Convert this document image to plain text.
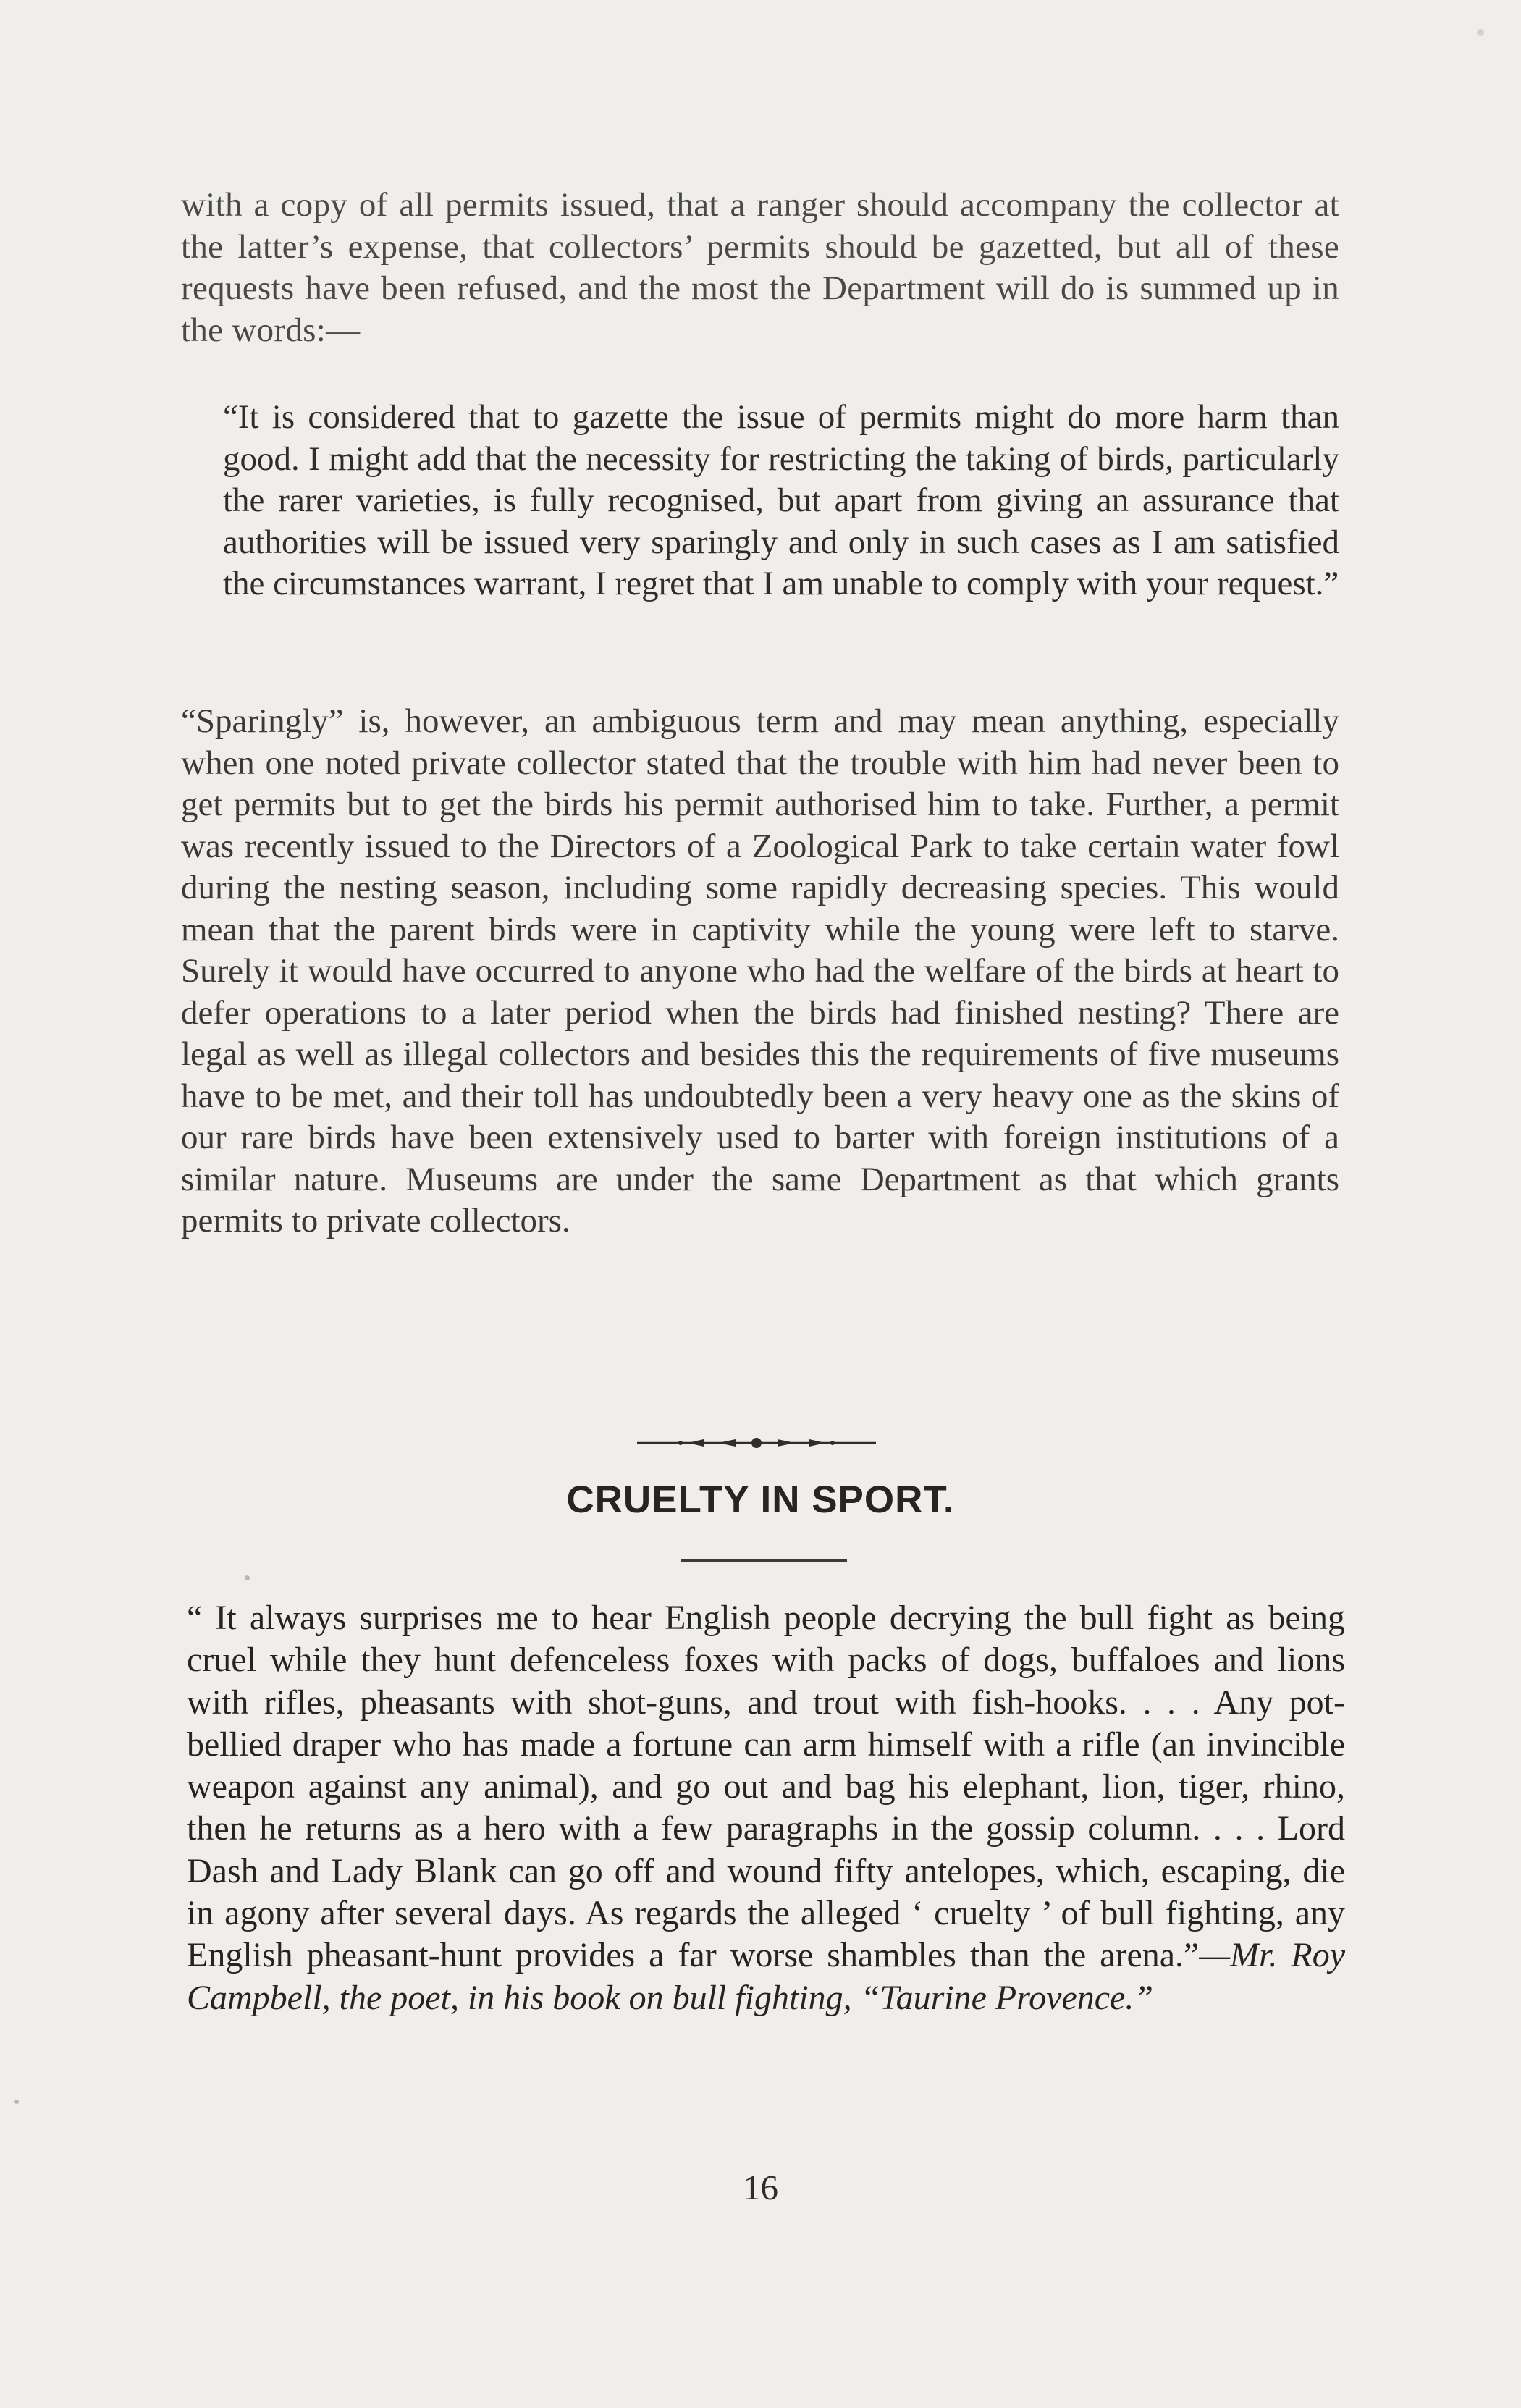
with a copy of all permits issued, that a ranger should accompany the collector at the latter’s expense, that collectors’ permits should be gazetted, but all of these requests have been refused, and the most the Department will do is summed up in the words:—

“It is considered that to gazette the issue of permits might do more harm than good. I might add that the necessity for restricting the taking of birds, particularly the rarer varieties, is fully recognised, but apart from giving an assurance that authorities will be issued very sparingly and only in such cases as I am satisfied the circumstances warrant, I regret that I am unable to comply with your request.”

“Sparingly” is, however, an ambiguous term and may mean anything, especially when one noted private collector stated that the trouble with him had never been to get permits but to get the birds his permit authorised him to take. Further, a permit was recently issued to the Directors of a Zoological Park to take certain water fowl during the nesting season, including some rapidly decreasing species. This would mean that the parent birds were in captivity while the young were left to starve. Surely it would have occurred to anyone who had the welfare of the birds at heart to defer operations to a later period when the birds had finished nesting? There are legal as well as illegal collectors and besides this the requirements of five museums have to be met, and their toll has undoubtedly been a very heavy one as the skins of our rare birds have been extensively used to barter with foreign institutions of a similar nature. Museums are under the same Department as that which grants permits to private collectors.

CRUELTY IN SPORT.

“ It always surprises me to hear English people decrying the bull fight as being cruel while they hunt defenceless foxes with packs of dogs, buffaloes and lions with rifles, pheasants with shot-guns, and trout with fish-hooks. . . . Any pot-bellied draper who has made a fortune can arm himself with a rifle (an invincible weapon against any animal), and go out and bag his elephant, lion, tiger, rhino, then he returns as a hero with a few paragraphs in the gossip column. . . . Lord Dash and Lady Blank can go off and wound fifty antelopes, which, escaping, die in agony after several days. As regards the alleged ‘ cruelty ’ of bull fighting, any English pheasant-hunt provides a far worse shambles than the arena.”—Mr. Roy Campbell, the poet, in his book on bull fighting, “Taurine Provence.”

16
